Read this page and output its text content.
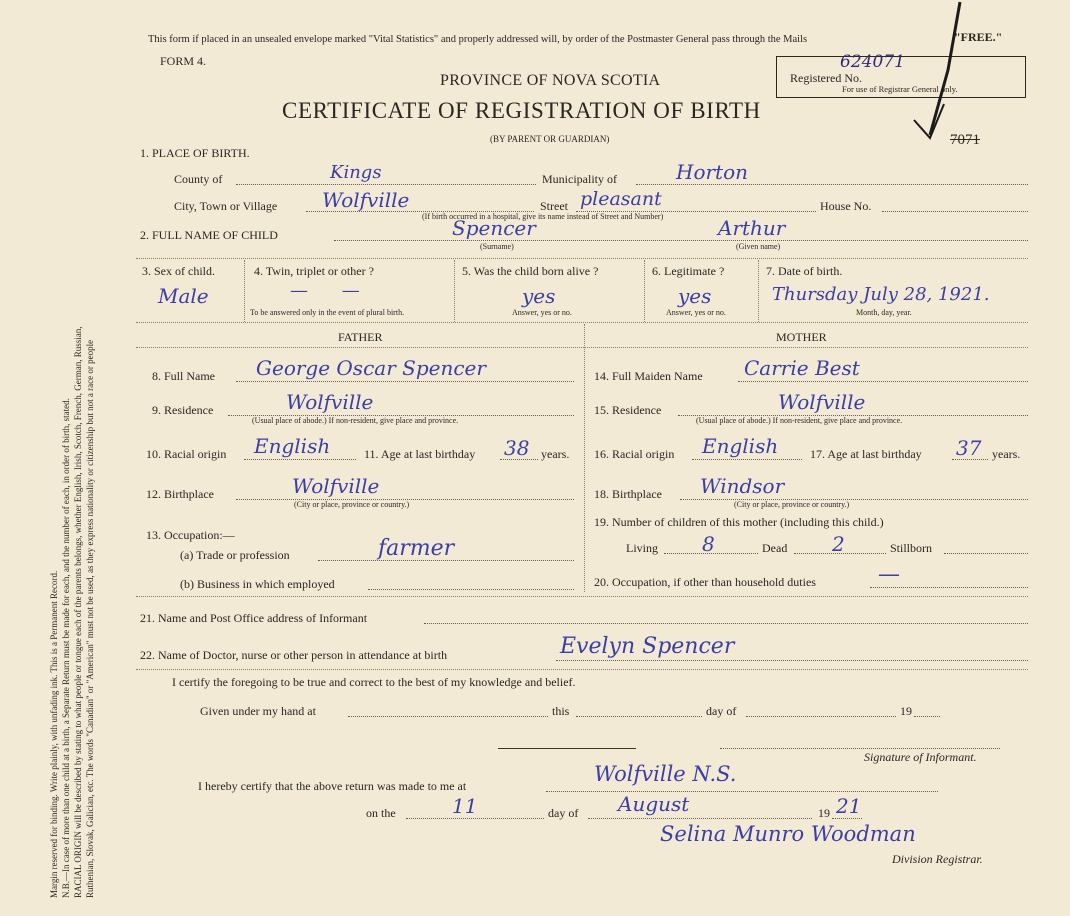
Margin reserved for binding. Write plainly, with unfading ink. This is a Permanent Record. N.B.—In case of more than one child at a birth, a Separate Return must be made for each, and the number of each, in order of birth, stated. RACIAL ORIGIN will be described by stating to what people or tongue each of the parents belongs, whether English, Irish, Scotch, French, German, Russian, Ruthenian, Slovak, Galician, etc. The words "Canadian" or "American" must not be used, as they express nationality or citizenship but not a race or people
This form if placed in an unsealed envelope marked "Vital Statistics" and properly addressed will, by order of the Postmaster General pass through the Mails	"FREE."
FORM 4.
Registered No.
624071
For use of Registrar General only.
PROVINCE OF NOVA SCOTIA
CERTIFICATE OF REGISTRATION OF BIRTH
(BY PARENT OR GUARDIAN)	7071
1. PLACE OF BIRTH.
County of	Kings	Municipality of	Horton
City, Town or Village Wolfville	Street pleasant	House No.
(If birth occurred in a hospital, give its name instead of Street and Number)
2. FULL NAME OF CHILD	Spencer	Arthur
(Surname)	(Given name)
3. Sex of child.
Male
4. Twin, triplet or other ?
— —
To be answered only in the event of plural birth.
5. Was the child born alive ?
yes
Answer, yes or no.
6. Legitimate ?
yes
Answer, yes or no.
7. Date of birth.
Thursday July 28, 1921.
Month, day, year.
FATHER	MOTHER
8. Full Name George Oscar Spencer
9. Residence	Wolfville
(Usual place of abode.) If non-resident, give place and province.
10. Racial origin English	11. Age at last birthday 38 years.
12. Birthplace	Wolfville
(City or place, province or country.)
13. Occupation:—
(a) Trade or profession	farmer
(b) Business in which employed
14. Full Maiden Name Carrie Best
15. Residence	Wolfville
(Usual place of abode.) If non-resident, give place and province.
16. Racial origin English	17. Age at last birthday 37 years.
18. Birthplace Windsor
(City or place, province or country.)
19. Number of children of this mother (including this child.)
Living 8	Dead 2	Stillborn
20. Occupation, if other than household duties	—
21. Name and Post Office address of Informant
22. Name of Doctor, nurse or other person in attendance at birth	Evelyn Spencer
I certify the foregoing to be true and correct to the best of my knowledge and belief.
Given under my hand at	this	day of	19
Signature of Informant.
I hereby certify that the above return was made to me at	Wolfville N.S.
on the	11	day of August	19 21
Selina Munro Woodman
Division Registrar.
